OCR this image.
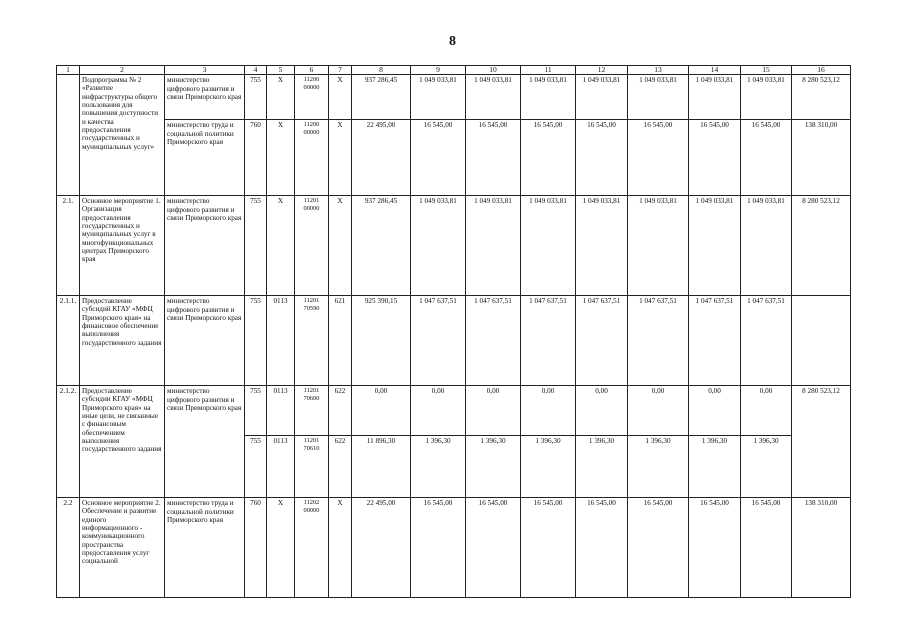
8
1	2	3	4	5	6	7	8	9	10	11	12	13	14	15	16
	Подпрограмма № 2 «Развитие инфраструктуры общего пользования для повышения доступности и качества предоставления государственных и муниципальных услуг»	министерство цифрового развития и связи Приморского края	755	Х	11200 00000	Х	937 286,45	1 049 033,81	1 049 033,81	1 049 033,81	1 049 033,81	1 049 033,81	1 049 033,81	1 049 033,81	8 280 523,12
		министерство труда и социальной политики Приморского края	760	Х	11200 00000	Х	22 495,00	16 545,00	16 545,00	16 545,00	16 545,00	16 545,00	16 545,00	16 545,00	138 310,00
2.1.	Основное мероприятие 1. Организация предоставления государственных и муниципальных услуг в многофункциональных центрах Приморского края	министерство цифрового развития и связи Приморского края	755	Х	11201 00000	Х	937 286,45	1 049 033,81	1 049 033,81	1 049 033,81	1 049 033,81	1 049 033,81	1 049 033,81	1 049 033,81	8 280 523,12
2.1.1.	Предоставление субсидий КГАУ «МФЦ Приморского края» на финансовое обеспечение выполнения государственного задания	министерство цифрового развития и связи Приморского края	755	0113	11201 70590	621	925 390,15	1 047 637,51	1 047 637,51	1 047 637,51	1 047 637,51	1 047 637,51	1 047 637,51	1 047 637,51	
2.1.2.	Предоставление субсидии КГАУ «МФЦ Приморского края» на иные цели, не связанные с финансовым обеспечением выполнения государственного задания	министерство цифрового развития и связи Приморского края	755	0113	11201 70600	622	0,00	0,00	0,00	0,00	0,00	0,00	0,00	0,00	8 280 523,12
			755	0113	11201 70610	622	11 896,30	1 396,30	1 396,30	1 396,30	1 396,30	1 396,30	1 396,30	1 396,30	
2.2	Основное мероприятие 2. Обеспечение и развитие единого информационного - коммуникационного пространства предоставления услуг социальной	министерство труда и социальной политики Приморского края	760	Х	11202 00000	Х	22 495,00	16 545,00	16 545,00	16 545,00	16 545,00	16 545,00	16 545,00	16 545,00	138 310,00
